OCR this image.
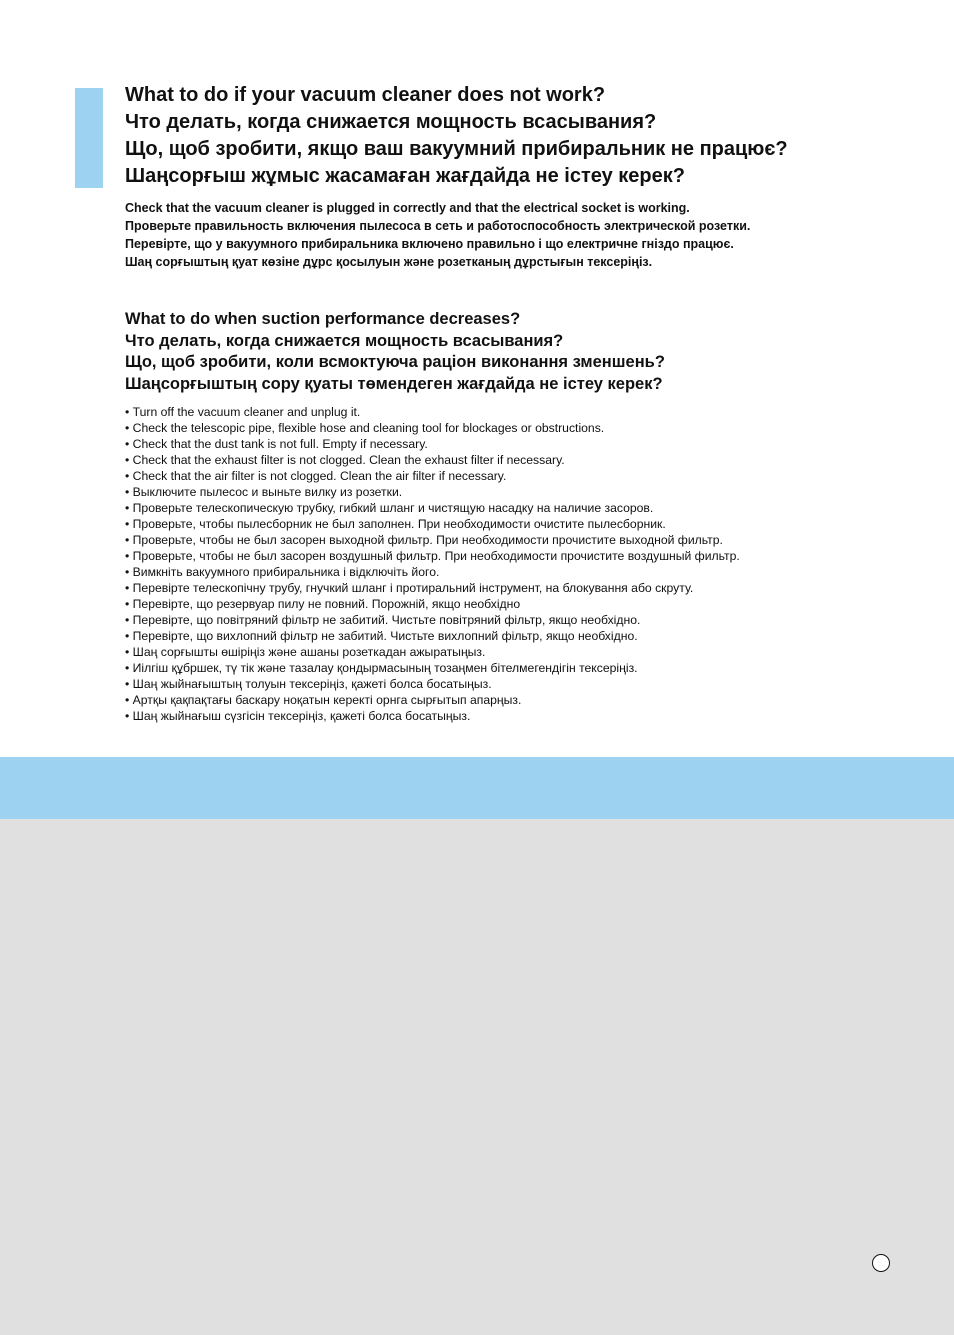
What to do if your vacuum cleaner does not work?
Что делать, когда снижается мощность всасывания?
Що, щоб зробити, якщо ваш вакуумний прибиральник не працює?
Шаңсорғыш жұмыс жасамаған жағдайда не істеу керек?

Check that the vacuum cleaner is plugged in correctly and that the electrical socket is working.

Проверьте правильность включения пылесоса в сеть и работоспособность электрической розетки.

Перевірте, що у вакуумного прибиральника включено правильно і що електричне гніздо працює.

Шаң сорғыштың қуат көзіне дұрс қосылуын және розетканың дұрстығын тексеріңіз.

What to do when suction performance decreases?
Что делать, когда снижается мощность всасывания?
Що, щоб зробити, коли всмоктуюча раціон виконання зменшень?
Шаңсорғыштың сору қуаты төмендеген жағдайда не істеу керек?
• Turn off the vacuum cleaner and unplug it.
• Check the telescopic pipe, flexible hose and cleaning tool for blockages or obstructions.
• Check that the dust tank is not full. Empty if necessary.
• Check that the exhaust filter is not clogged. Clean the exhaust filter if necessary.
• Check that the air filter is not clogged. Clean the air filter if necessary.
• Выключите пылесос и выньте вилку из розетки.
• Проверьте телескопическую трубку, гибкий шланг и чистящую насадку на наличие засоров.
• Проверьте, чтобы пылесборник не был заполнен. При необходимости очистите пылесборник.
• Проверьте, чтобы не был засорен выходной фильтр. При необходимости прочистите выходной фильтр.
• Проверьте, чтобы не был засорен воздушный фильтр. При необходимости прочистите воздушный фильтр.
• Вимкніть вакуумного прибиральника і відключіть його.
• Перевірте телескопічну трубу, гнучкий шланг і протиральний інструмент, на блокування або скруту.
• Перевірте, що резервуар пилу не повний. Порожній, якщо необхідно
• Перевірте, що повітряний фільтр не забитий. Чистьте повітряний фільтр, якщо необхідно.
• Перевірте, що вихлопний фільтр не забитий. Чистьте вихлопний фільтр, якщо необхідно.
• Шаң сорғышты өшіріңіз және ашаны розеткадан ажыратыңыз.
• Иілгіш құбршек, тү тік және тазалау қондырмасының тозаңмен бітелмегендігін тексеріңіз.
• Шаң жыйнағыштың толуын тексеріңіз, қажеті болса босатыңыз.
• Артқы қақпақтағы баскару ноқатын керекті орнга сырғытып апарңыз.
• Шаң жыйнағыш сүзгісін тексеріңіз, қажеті болса босатыңыз.
